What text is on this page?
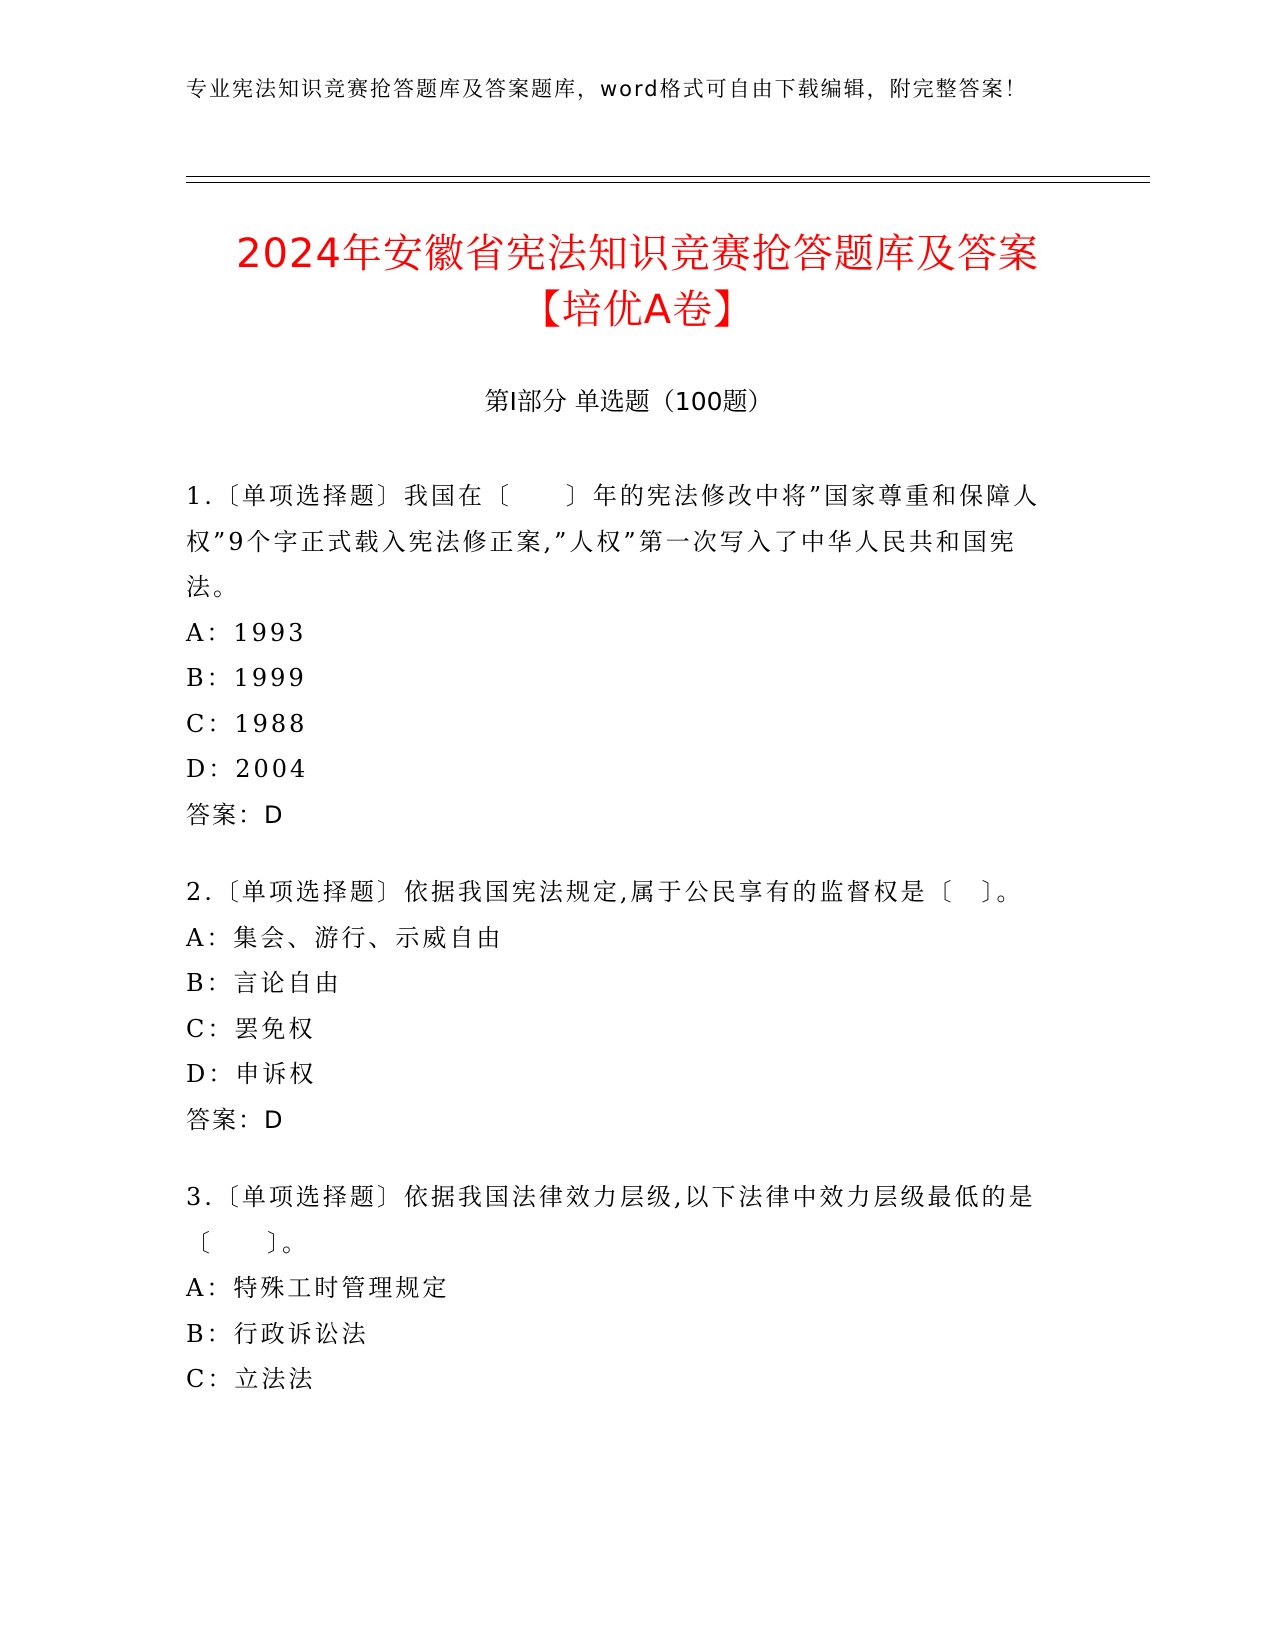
专业宪法知识竞赛抢答题库及答案题库，word格式可自由下载编辑，附完整答案！
2024年安徽省宪法知识竞赛抢答题库及答案
【培优A卷】
第Ⅰ部分 单选题（100题）
1.〔单项选择题〕我国在〔　　〕年的宪法修改中将”国家尊重和保障人权”9个字正式载入宪法修正案,”人权”第一次写入了中华人民共和国宪法。
A：1993
B：1999
C：1988
D：2004
答案：D
2.〔单项选择题〕依据我国宪法规定,属于公民享有的监督权是〔　〕。
A：集会、游行、示威自由
B：言论自由
C：罢免权
D：申诉权
答案：D
3.〔单项选择题〕依据我国法律效力层级,以下法律中效力层级最低的是〔　　〕。
A：特殊工时管理规定
B：行政诉讼法
C：立法法
